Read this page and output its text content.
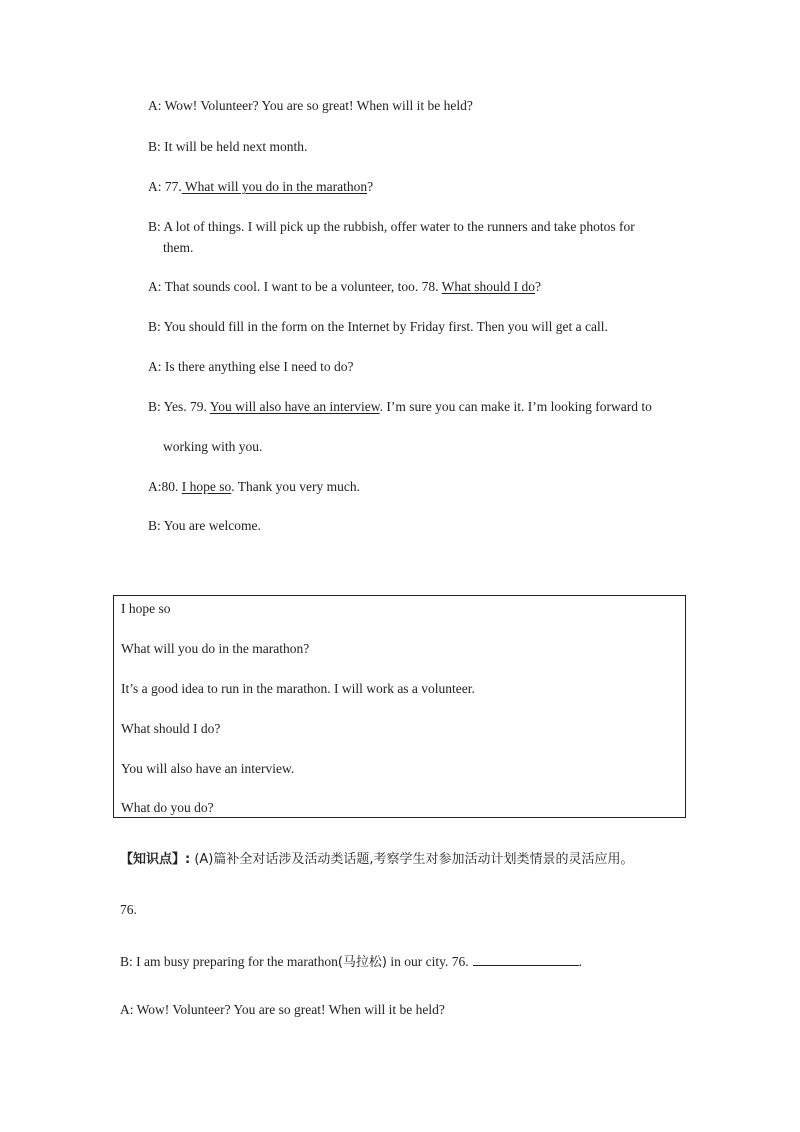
A: Wow! Volunteer? You are so great! When will it be held?
B: It will be held next month.
A: 77. What will you do in the marathon?
B: A lot of things. I will pick up the rubbish, offer water to the runners and take photos for
them.
A: That sounds cool. I want to be a volunteer, too. 78. What should I do?
B: You should fill in the form on the Internet by Friday first. Then you will get a call.
A: Is there anything else I need to do?
B: Yes. 79. You will also have an interview. I’m sure you can make it. I’m looking forward to
working with you.
A:80. I hope so. Thank you very much.
B: You are welcome.
I hope so
What will you do in the marathon?
It’s a good idea to run in the marathon. I will work as a volunteer.
What should I do?
You will also have an interview.
What do you do?
【知识点】: (A)篇补全对话涉及活动类话题,考察学生对参加活动计划类情景的灵活应用。
76.
B: I am busy preparing for the marathon(马拉松) in our city. 76.	.
A: Wow! Volunteer? You are so great! When will it be held?
